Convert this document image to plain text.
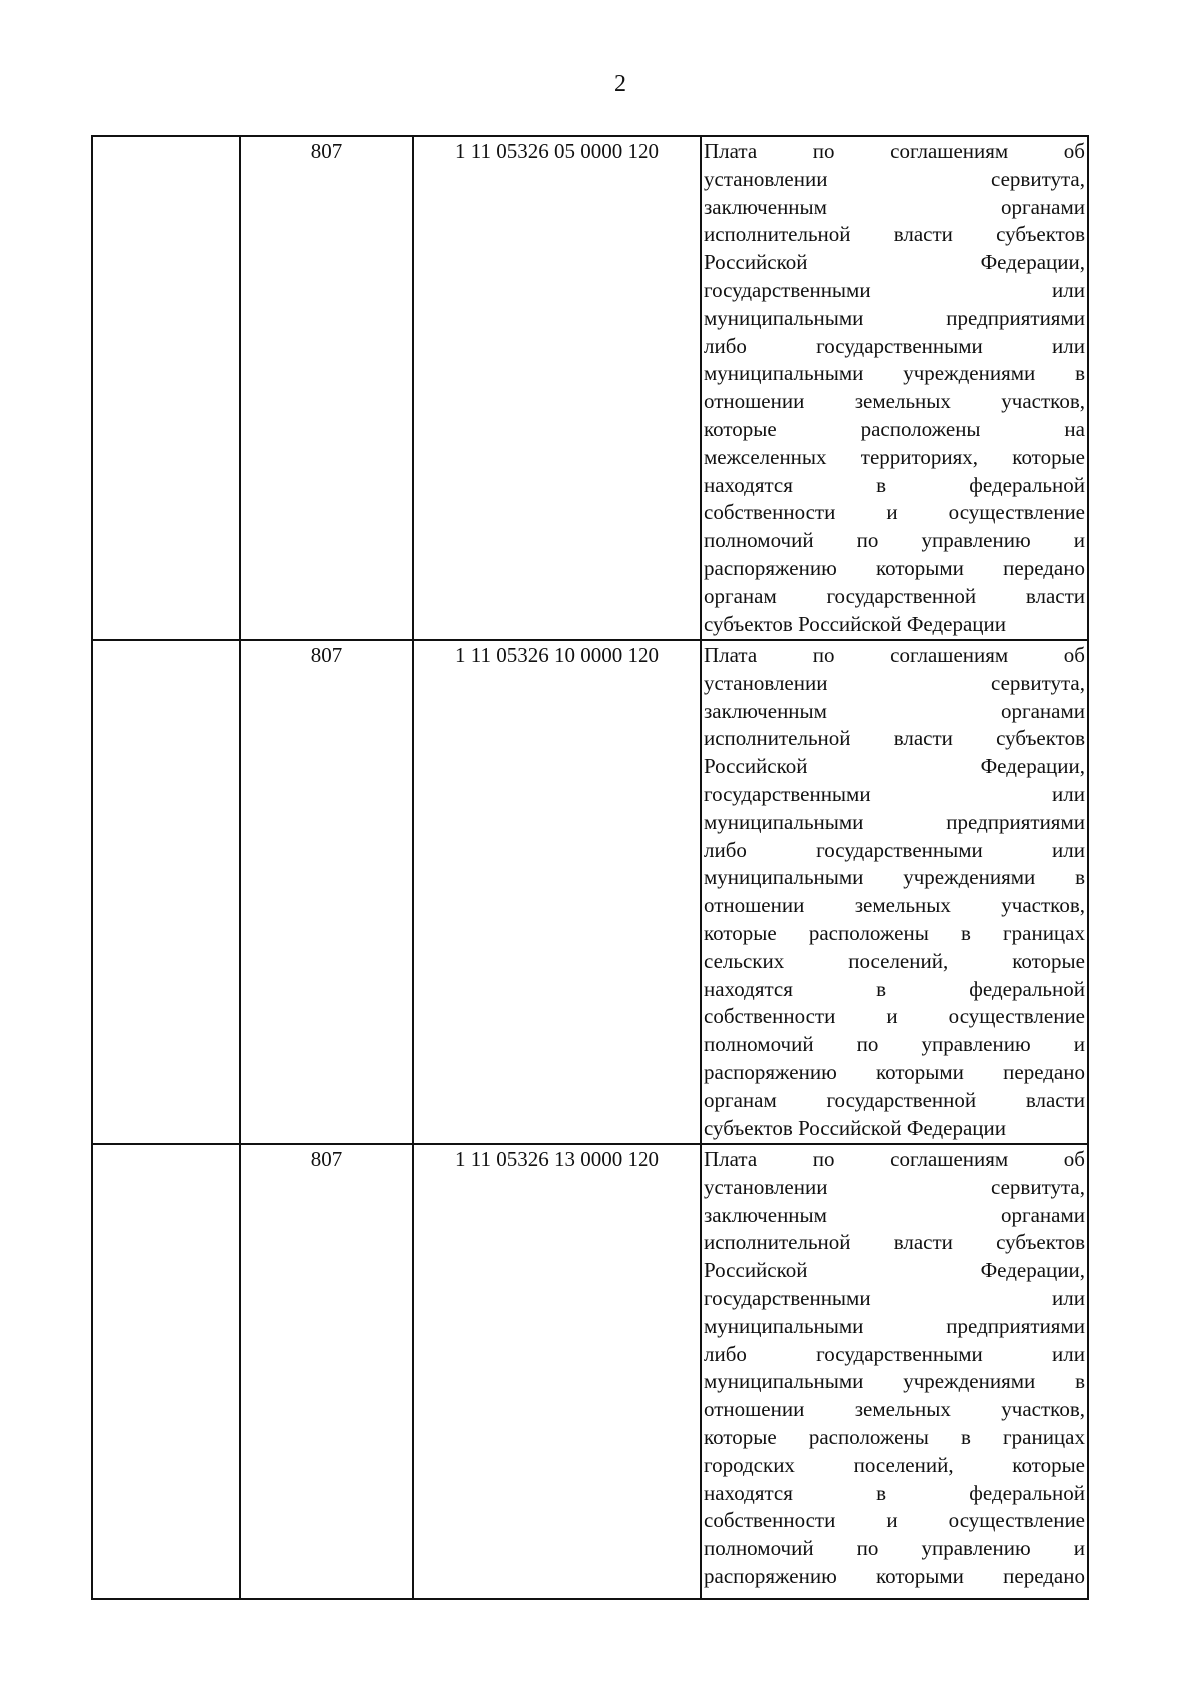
2
807	1 11 05326 05 0000 120	Плата по соглашениям об
установлении сервитута,
заключенным органами
исполнительной власти субъектов
Российской Федерации,
государственными или
муниципальными предприятиями
либо государственными или
муниципальными учреждениями в
отношении земельных участков,
которые расположены на
межселенных территориях, которые
находятся в федеральной
собственности и осуществление
полномочий по управлению и
распоряжению которыми передано
органам государственной власти
субъектов Российской Федерации
807	1 11 05326 10 0000 120	Плата по соглашениям об
установлении сервитута,
заключенным органами
исполнительной власти субъектов
Российской Федерации,
государственными или
муниципальными предприятиями
либо государственными или
муниципальными учреждениями в
отношении земельных участков,
которые расположены в границах
сельских поселений, которые
находятся в федеральной
собственности и осуществление
полномочий по управлению и
распоряжению которыми передано
органам государственной власти
субъектов Российской Федерации
807	1 11 05326 13 0000 120	Плата по соглашениям об
установлении сервитута,
заключенным органами
исполнительной власти субъектов
Российской Федерации,
государственными или
муниципальными предприятиями
либо государственными или
муниципальными учреждениями в
отношении земельных участков,
которые расположены в границах
городских поселений, которые
находятся в федеральной
собственности и осуществление
полномочий по управлению и
распоряжению которыми передано
